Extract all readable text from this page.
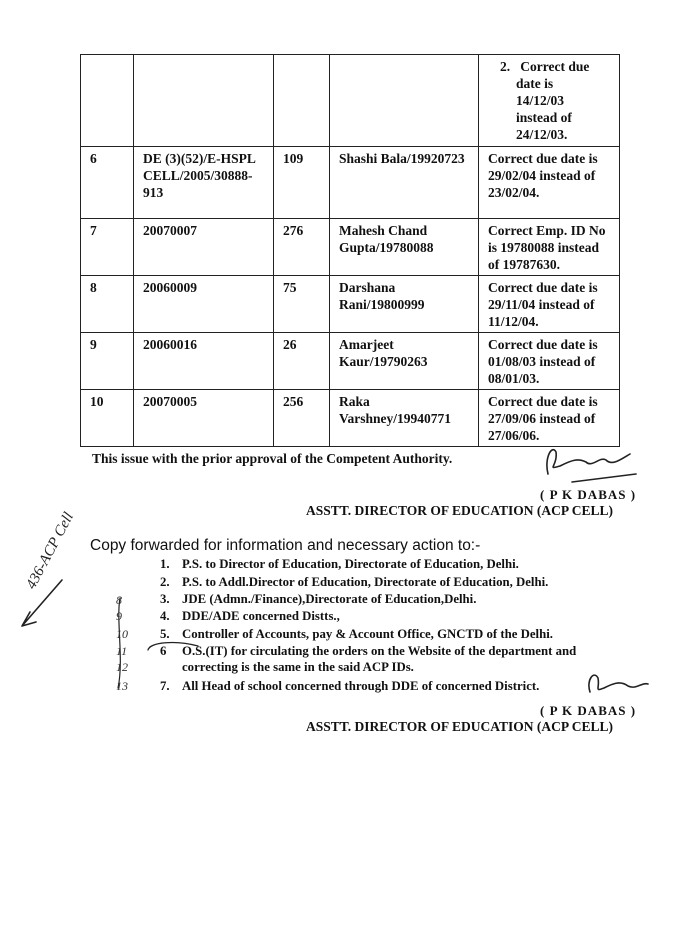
				2. Correct due
date is
14/12/03
instead of
24/12/03.

6	DE (3)(52)/E-HSPL CELL/2005/30888-913	109	Shashi Bala/19920723	Correct due date is 29/02/04 instead of 23/02/04.
7	20070007	276	Mahesh Chand Gupta/19780088	Correct Emp. ID No is 19780088 instead of 19787630.
8	20060009	75	Darshana Rani/19800999	Correct due date is 29/11/04 instead of 11/12/04.
9	20060016	26	Amarjeet Kaur/19790263	Correct due date is 01/08/03 instead of 08/01/03.
10	20070005	256	Raka Varshney/19940771	Correct due date is 27/09/06 instead of 27/06/06.
This issue with the prior approval of the Competent Authority.
436-ACP Cell
( P K DABAS )
ASSTT. DIRECTOR OF EDUCATION (ACP CELL)
Copy forwarded for information and necessary action to:-
1. P.S. to Director of Education, Directorate of Education, Delhi.
2. P.S. to Addl.Director of Education, Directorate of Education, Delhi.
3. JDE (Admn./Finance),Directorate of Education,Delhi.
4. DDE/ADE concerned Distts.,
5. Controller of Accounts, pay & Account Office, GNCTD of the Delhi.
6 O.S.(IT) for circulating the orders on the Website of the department and
correcting is the same in the said ACP IDs.
7. All Head of school concerned through DDE of concerned District.
8
9
10
11
12
13
( P K DABAS )
ASSTT. DIRECTOR OF EDUCATION (ACP CELL)
